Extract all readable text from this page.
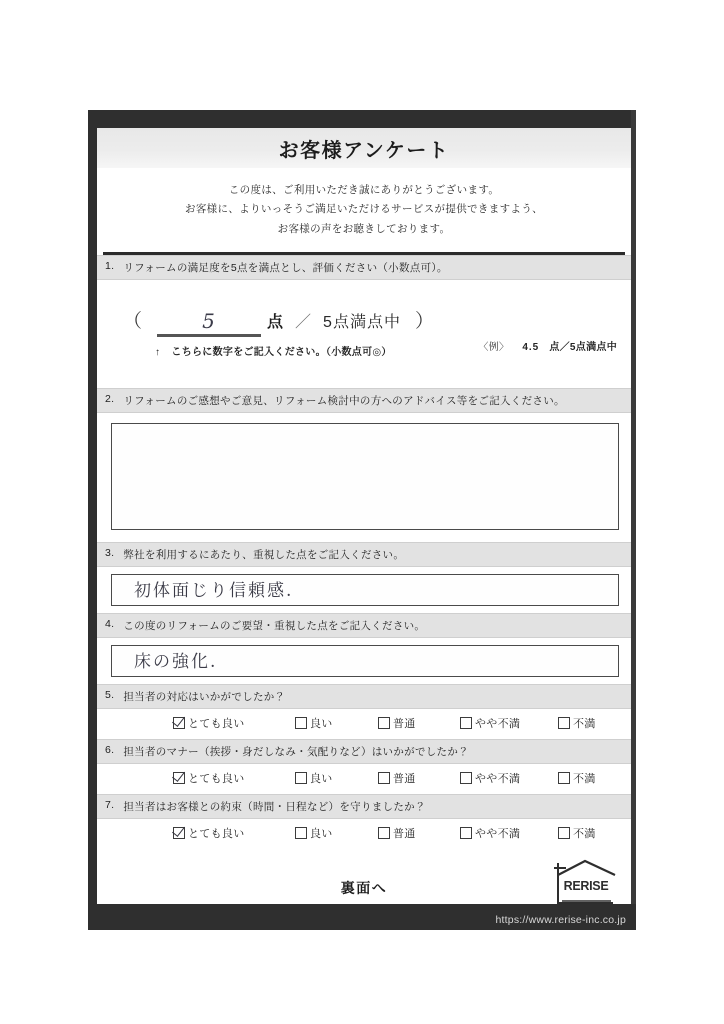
お客様アンケート
この度は、ご利用いただき誠にありがとうございます。
お客様に、よりいっそうご満足いただけるサービスが提供できますよう、
お客様の声をお聴きしております。
1. リフォームの満足度を5点を満点とし、評価ください（小数点可）。
（	5	点 ／ 5点満点中 ）
↑ こちらに数字をご記入ください。（小数点可◎）	〈例〉 4.5 点／5点満点中
2. リフォームのご感想やご意見、リフォーム検討中の方へのアドバイス等をご記入ください。
3. 弊社を利用するにあたり、重視した点をご記入ください。
初体面じり信頼感.
4. この度のリフォームのご要望・重視した点をご記入ください。
床の強化.
5. 担当者の対応はいかがでしたか？
とても良い	良い	普通	やや不満	不満
6. 担当者のマナー（挨拶・身だしなみ・気配りなど）はいかがでしたか？
とても良い	良い	普通	やや不満	不満
7. 担当者はお客様との約束（時間・日程など）を守りましたか？
とても良い	良い	普通	やや不満	不満
裏面へ	RERISE
https://www.rerise-inc.co.jp
